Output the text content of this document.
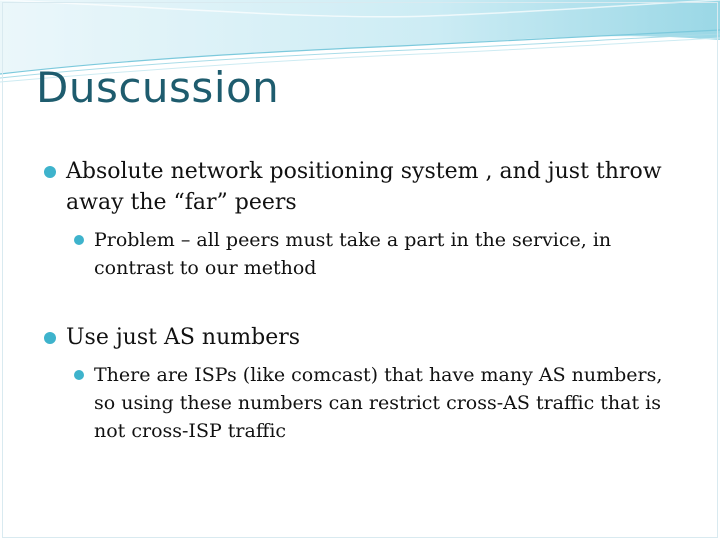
Duscussion
Absolute network positioning system , and just throw away the “far” peers
Problem – all peers must take a part in the service, in contrast to our method
Use just AS numbers
There are ISPs (like comcast) that have many AS numbers, so using these numbers can restrict cross-AS traffic that is not cross-ISP traffic
